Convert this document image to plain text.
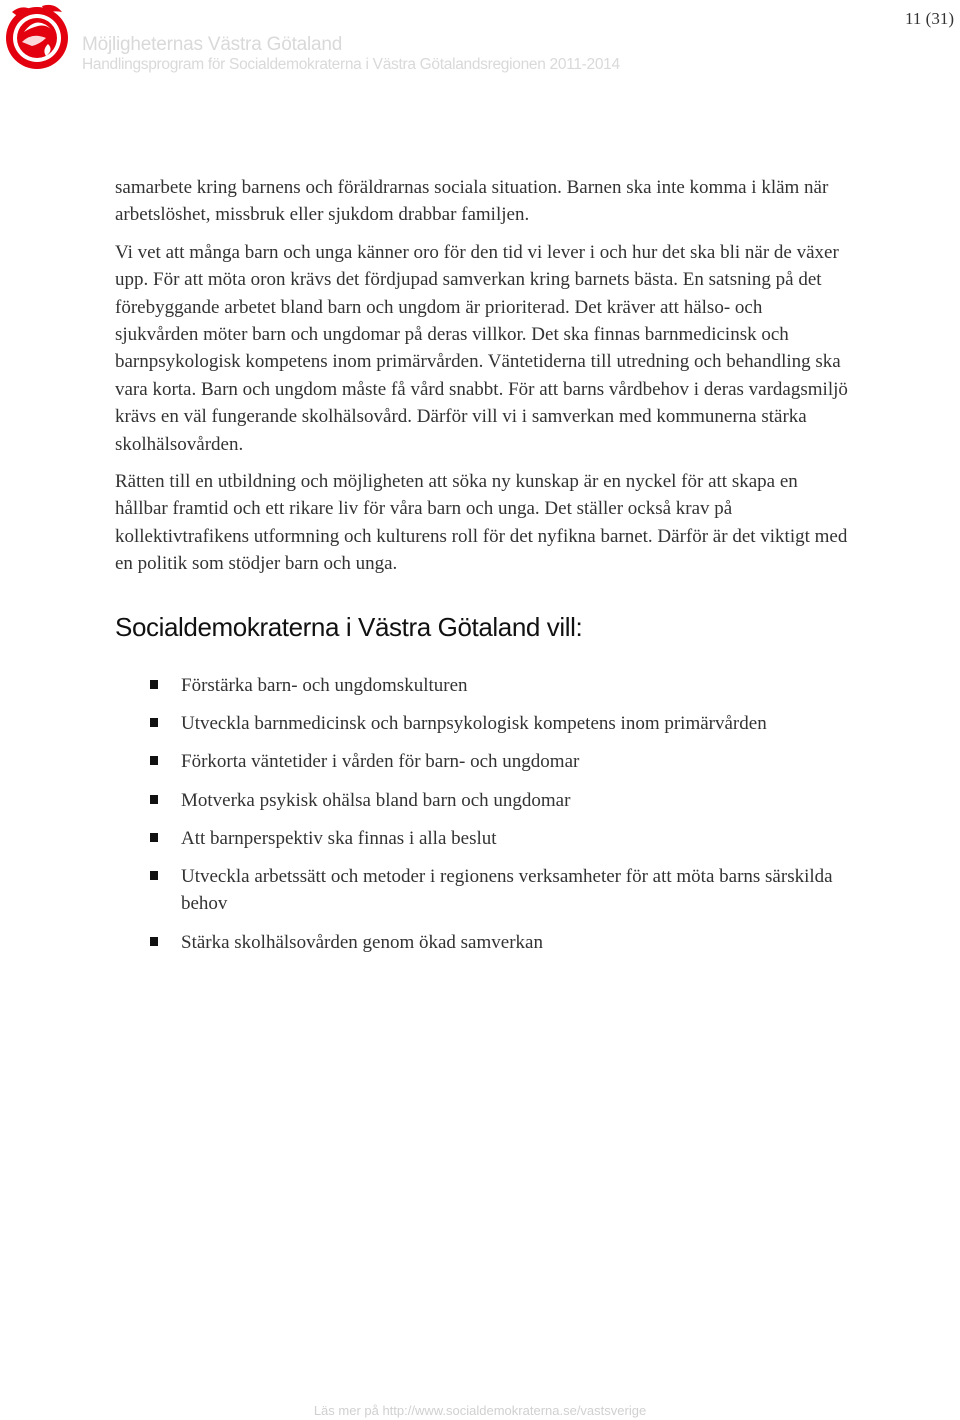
Möjligheternas Västra Götaland
Handlingsprogram för Socialdemokraterna i Västra Götalandsregionen 2011-2014
11 (31)

samarbete kring barnens och föräldrarnas sociala situation. Barnen ska inte komma i kläm när arbetslöshet, missbruk eller sjukdom drabbar familjen.

Vi vet att många barn och unga känner oro för den tid vi lever i och hur det ska bli när de växer upp. För att möta oron krävs det fördjupad samverkan kring barnets bästa. En satsning på det förebyggande arbetet bland barn och ungdom är prioriterad. Det kräver att hälso- och sjukvården möter barn och ungdomar på deras villkor. Det ska finnas barnmedicinsk och barnpsykologisk kompetens inom primärvården. Väntetiderna till utredning och behandling ska vara korta. Barn och ungdom måste få vård snabbt. För att barns vårdbehov i deras vardagsmiljö krävs en väl fungerande skolhälsovård. Därför vill vi i samverkan med kommunerna stärka skolhälsovården.

Rätten till en utbildning och möjligheten att söka ny kunskap är en nyckel för att skapa en hållbar framtid och ett rikare liv för våra barn och unga. Det ställer också krav på kollektivtrafikens utformning och kulturens roll för det nyfikna barnet. Därför är det viktigt med en politik som stödjer barn och unga.

Socialdemokraterna i Västra Götaland vill:
Förstärka barn- och ungdomskulturen
Utveckla barnmedicinsk och barnpsykologisk kompetens inom primärvården
Förkorta väntetider i vården för barn- och ungdomar
Motverka psykisk ohälsa bland barn och ungdomar
Att barnperspektiv ska finnas i alla beslut
Utveckla arbetssätt och metoder i regionens verksamheter för att möta barns särskilda behov
Stärka skolhälsovården genom ökad samverkan
Läs mer på http://www.socialdemokraterna.se/vastsverige
